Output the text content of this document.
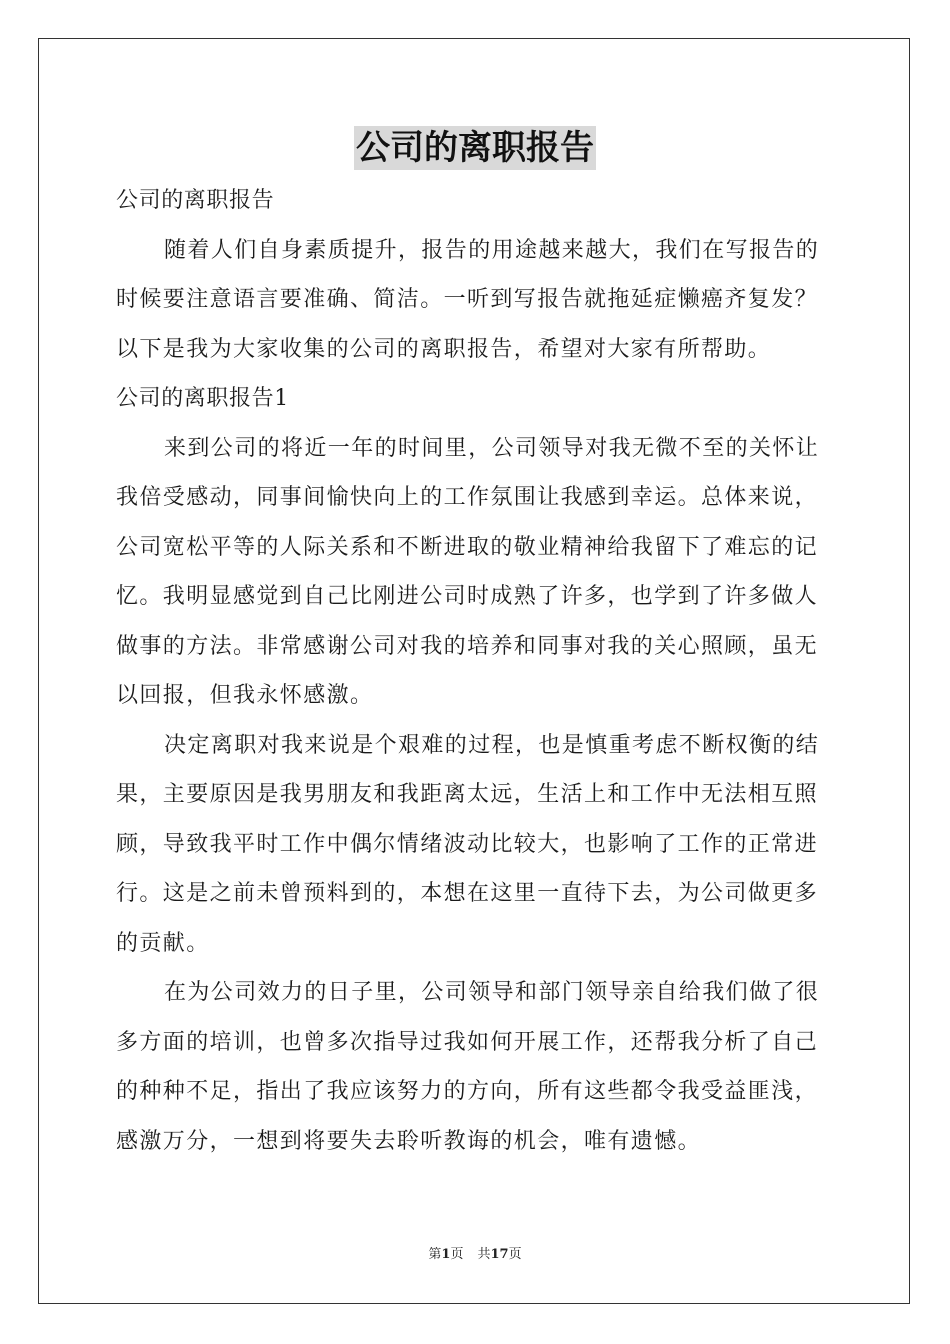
公司的离职报告
公司的离职报告
随着人们自身素质提升，报告的用途越来越大，我们在写报告的
时候要注意语言要准确、简洁。一听到写报告就拖延症懒癌齐复发？
以下是我为大家收集的公司的离职报告，希望对大家有所帮助。
公司的离职报告1
来到公司的将近一年的时间里，公司领导对我无微不至的关怀让
我倍受感动，同事间愉快向上的工作氛围让我感到幸运。总体来说，
公司宽松平等的人际关系和不断进取的敬业精神给我留下了难忘的记
忆。我明显感觉到自己比刚进公司时成熟了许多，也学到了许多做人
做事的方法。非常感谢公司对我的培养和同事对我的关心照顾，虽无
以回报，但我永怀感激。
决定离职对我来说是个艰难的过程，也是慎重考虑不断权衡的结
果，主要原因是我男朋友和我距离太远，生活上和工作中无法相互照
顾，导致我平时工作中偶尔情绪波动比较大，也影响了工作的正常进
行。这是之前未曾预料到的，本想在这里一直待下去，为公司做更多
的贡献。
在为公司效力的日子里，公司领导和部门领导亲自给我们做了很
多方面的培训，也曾多次指导过我如何开展工作，还帮我分析了自己
的种种不足，指出了我应该努力的方向，所有这些都令我受益匪浅，
感激万分，一想到将要失去聆听教诲的机会，唯有遗憾。
第1页 共17页
